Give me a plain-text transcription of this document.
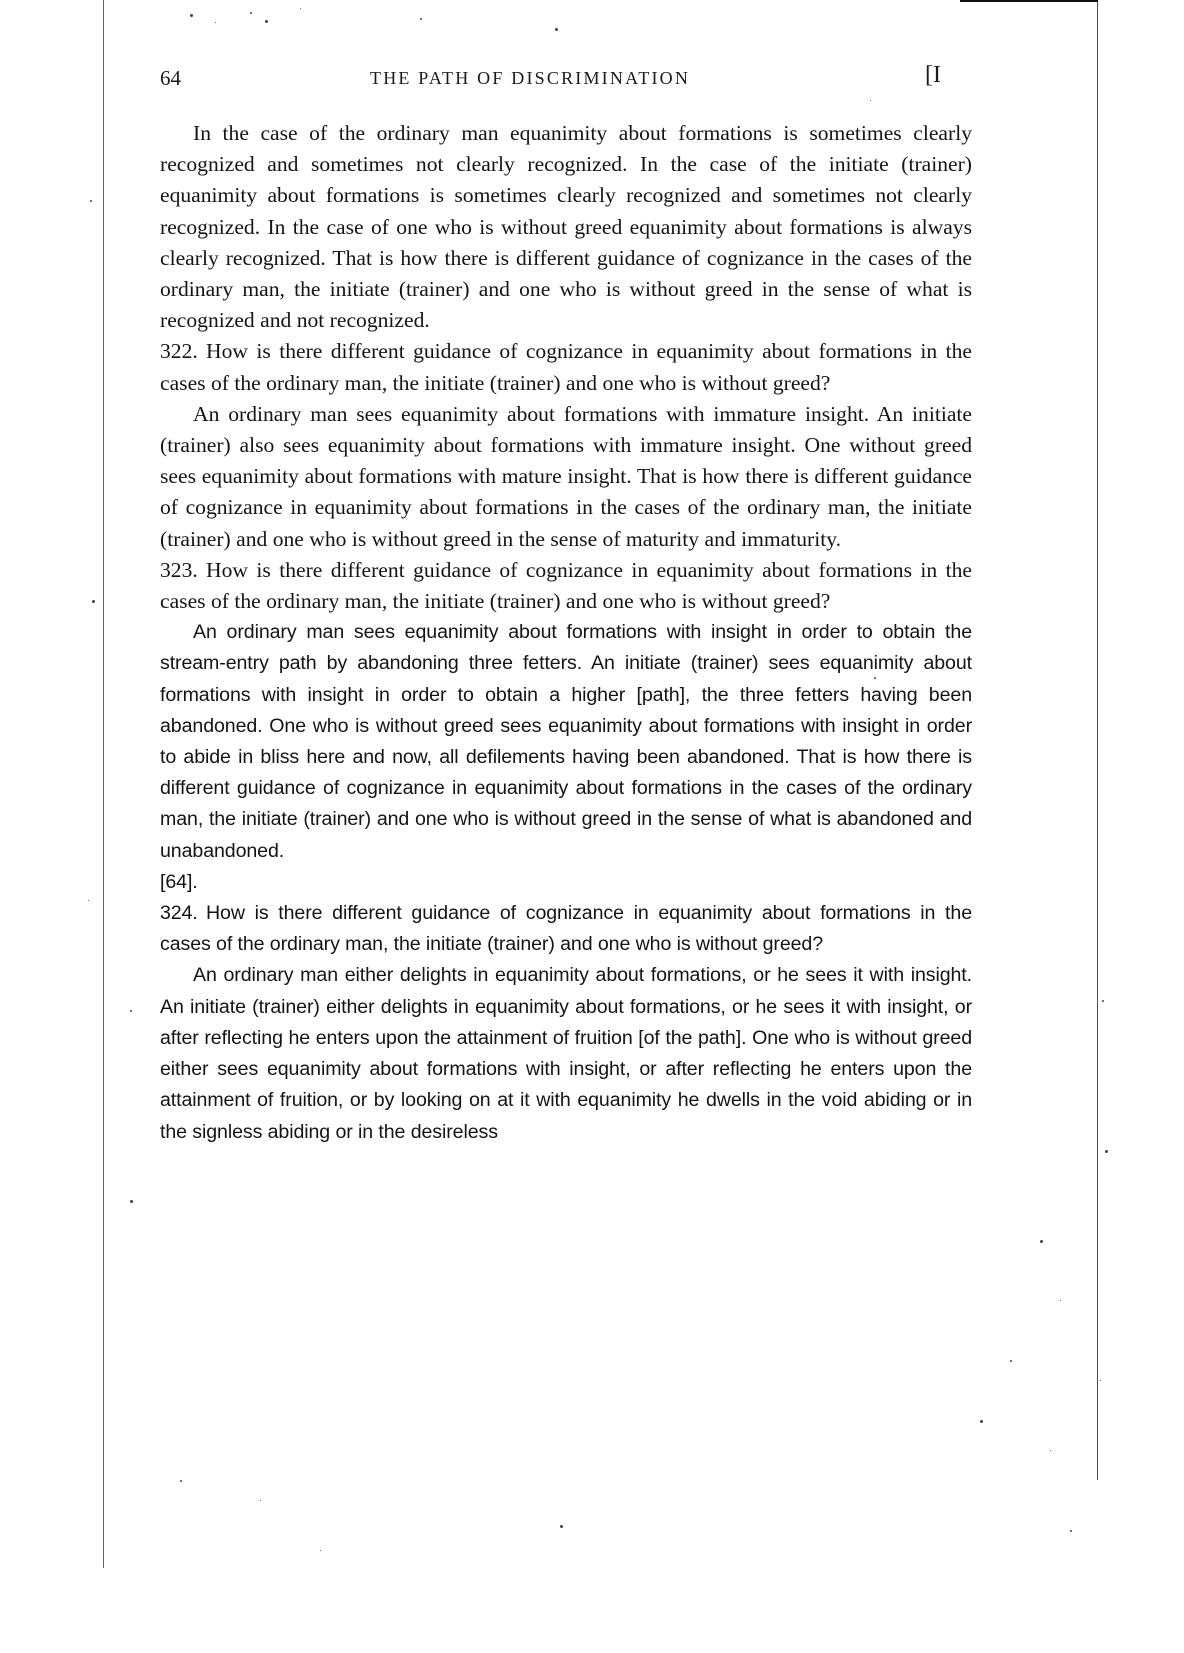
64	THE PATH OF DISCRIMINATION	[I

In the case of the ordinary man equanimity about formations is sometimes clearly recognized and sometimes not clearly recognized. In the case of the initiate (trainer) equanimity about formations is sometimes clearly recognized and sometimes not clearly recognized. In the case of one who is without greed equanimity about formations is always clearly recognized. That is how there is different guidance of cognizance in the cases of the ordinary man, the initiate (trainer) and one who is without greed in the sense of what is recognized and not recognized.

322. How is there different guidance of cognizance in equanimity about formations in the cases of the ordinary man, the initiate (trainer) and one who is without greed?

An ordinary man sees equanimity about formations with immature insight. An initiate (trainer) also sees equanimity about formations with immature insight. One without greed sees equanimity about formations with mature insight. That is how there is different guidance of cognizance in equanimity about formations in the cases of the ordinary man, the initiate (trainer) and one who is without greed in the sense of maturity and immaturity.

323. How is there different guidance of cognizance in equanimity about formations in the cases of the ordinary man, the initiate (trainer) and one who is without greed?

An ordinary man sees equanimity about formations with insight in order to obtain the stream-entry path by abandoning three fetters. An initiate (trainer) sees equanimity about formations with insight in order to obtain a higher [path], the three fetters having been abandoned. One who is without greed sees equanimity about formations with insight in order to abide in bliss here and now, all defilements having been abandoned. That is how there is different guidance of cognizance in equanimity about formations in the cases of the ordinary man, the initiate (trainer) and one who is without greed in the sense of what is abandoned and unabandoned.
[64].

324. How is there different guidance of cognizance in equanimity about formations in the cases of the ordinary man, the initiate (trainer) and one who is without greed?

An ordinary man either delights in equanimity about formations, or he sees it with insight. An initiate (trainer) either delights in equanimity about formations, or he sees it with insight, or after reflecting he enters upon the attainment of fruition [of the path]. One who is without greed either sees equanimity about formations with insight, or after reflecting he enters upon the attainment of fruition, or by looking on at it with equanimity he dwells in the void abiding or in the signless abiding or in the desireless
